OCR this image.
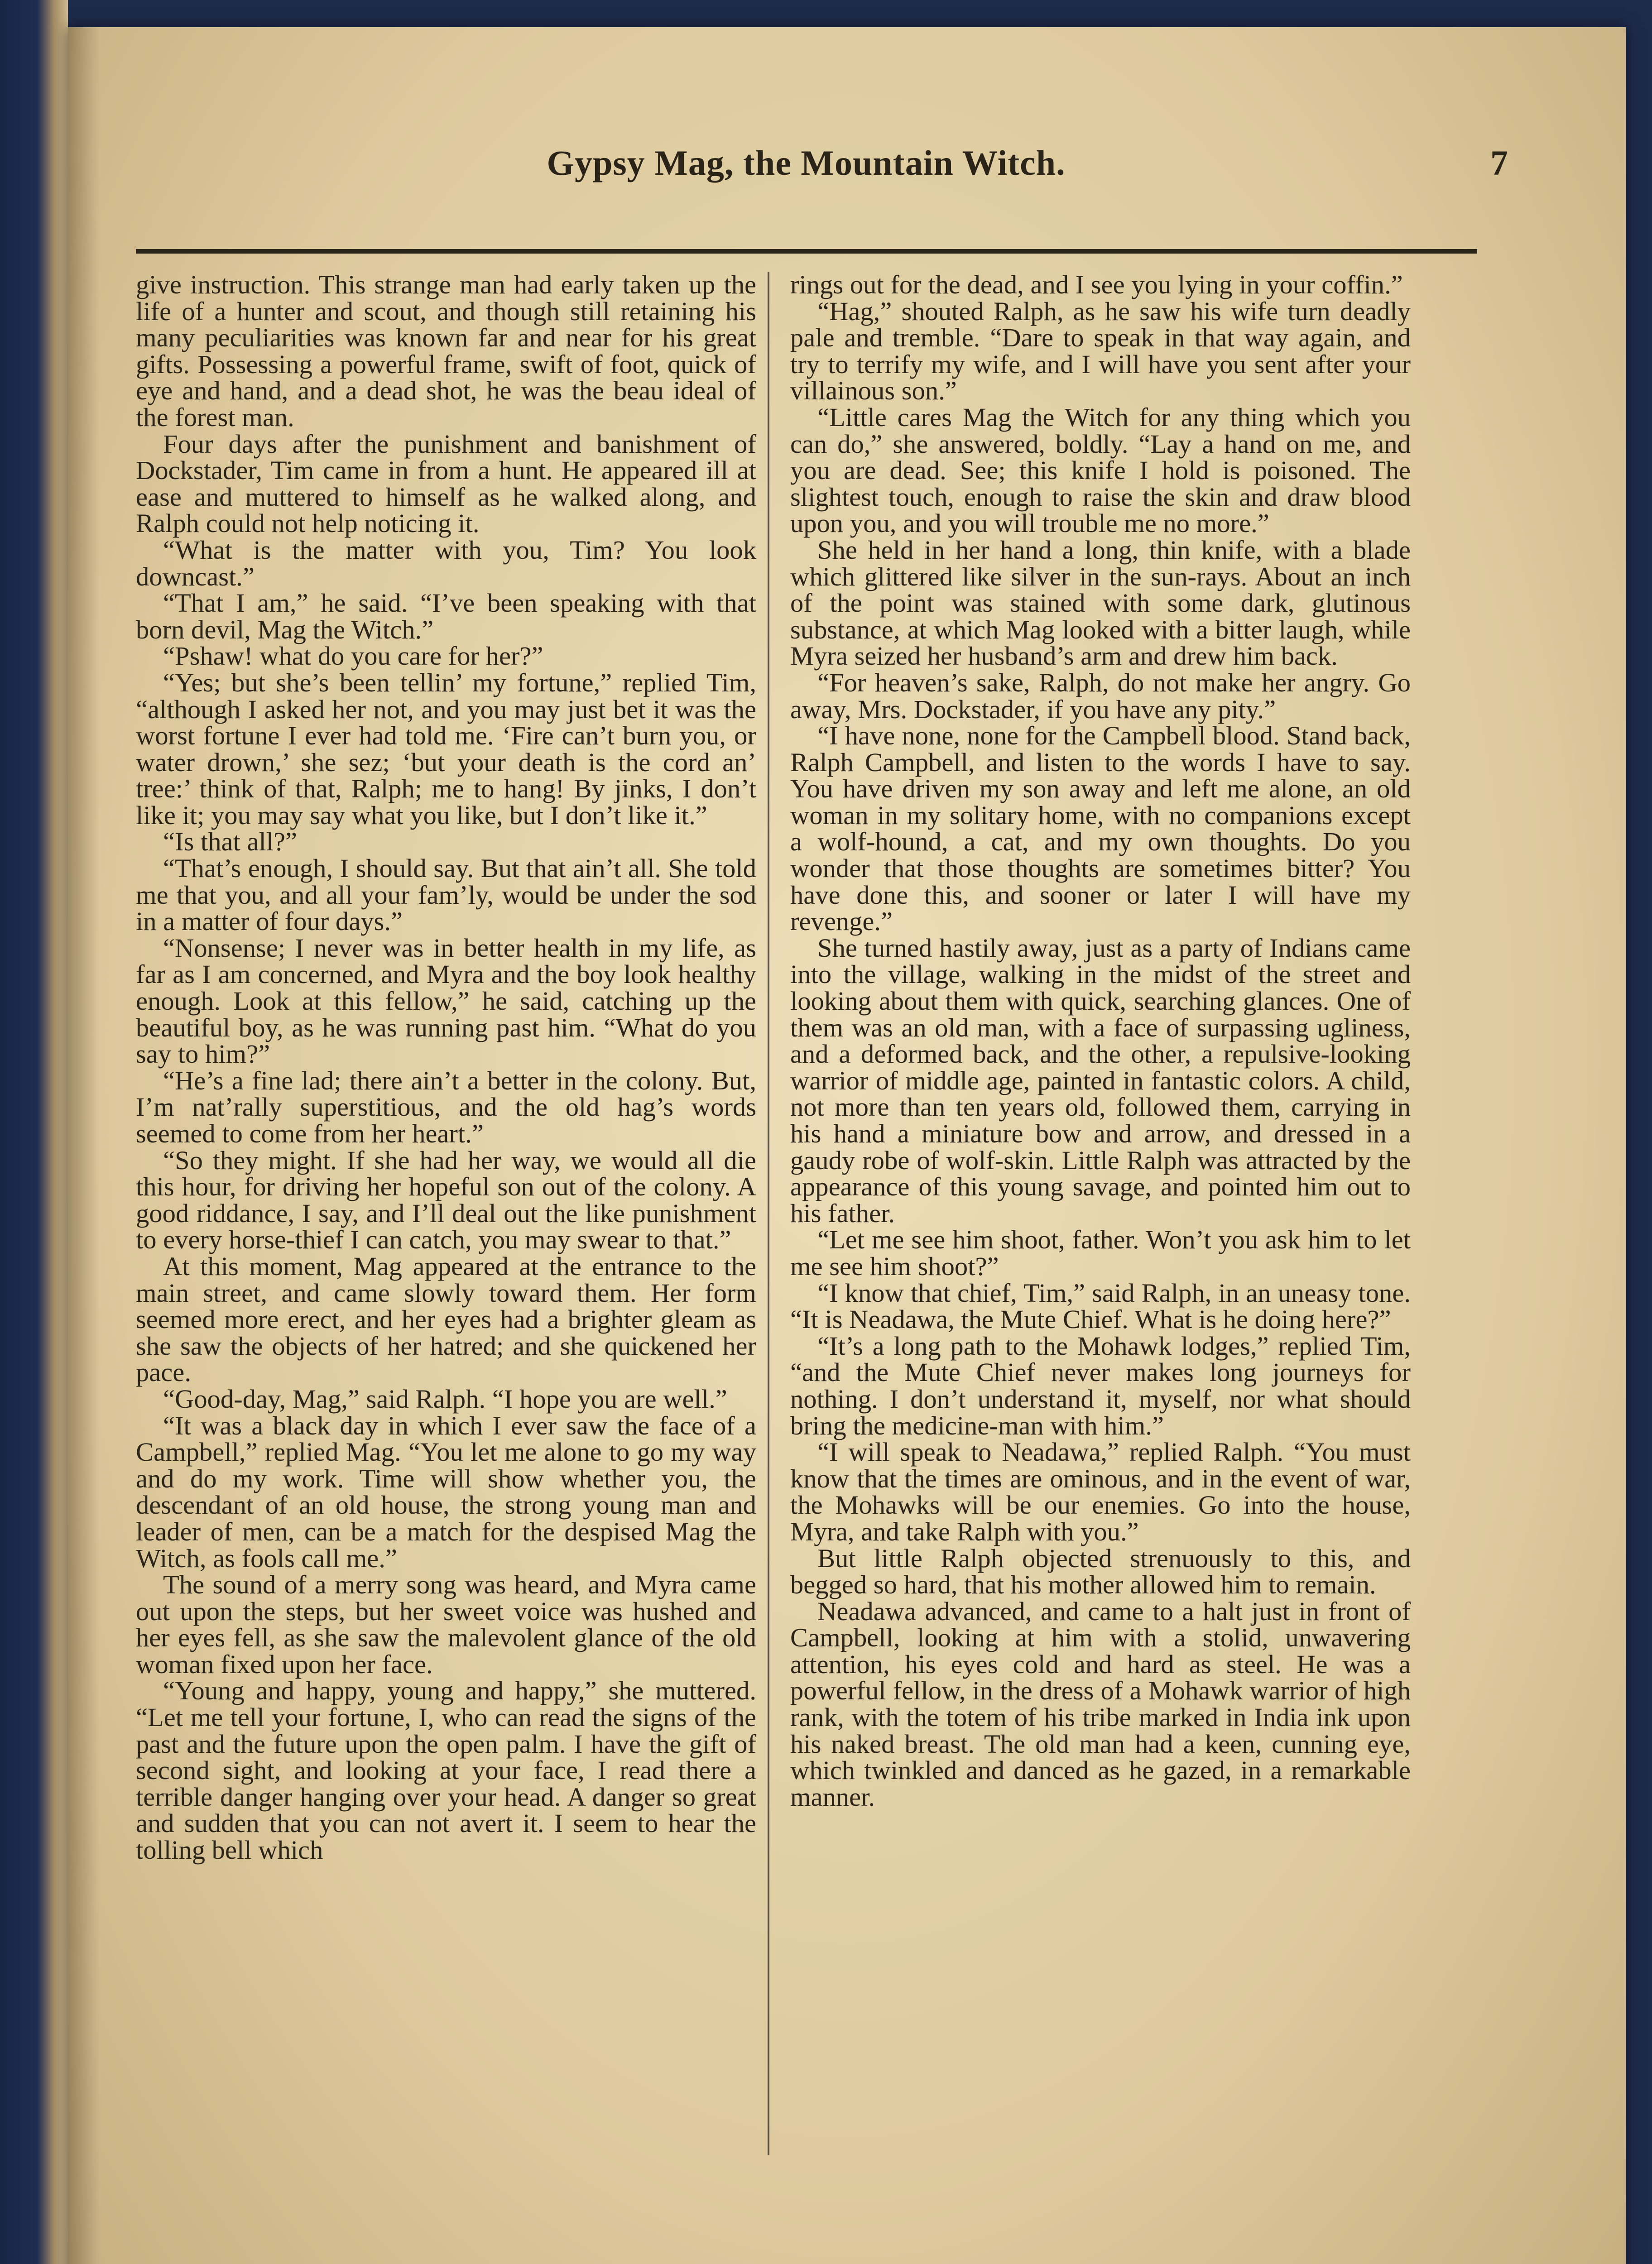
Gypsy Mag, the Mountain Witch.	7

give instruction. This strange man had early taken up the life of a hunter and scout, and though still retaining his many peculiarities was known far and near for his great gifts. Possessing a powerful frame, swift of foot, quick of eye and hand, and a dead shot, he was the beau ideal of the forest man.

Four days after the punishment and banishment of Dockstader, Tim came in from a hunt. He appeared ill at ease and muttered to himself as he walked along, and Ralph could not help noticing it.

“What is the matter with you, Tim? You look downcast.”

“That I am,” he said. “I’ve been speaking with that born devil, Mag the Witch.”

“Pshaw! what do you care for her?”

“Yes; but she’s been tellin’ my fortune,” replied Tim, “although I asked her not, and you may just bet it was the worst fortune I ever had told me. ‘Fire can’t burn you, or water drown,’ she sez; ‘but your death is the cord an’ tree:’ think of that, Ralph; me to hang! By jinks, I don’t like it; you may say what you like, but I don’t like it.”

“Is that all?”

“That’s enough, I should say. But that ain’t all. She told me that you, and all your fam’ly, would be under the sod in a matter of four days.”

“Nonsense; I never was in better health in my life, as far as I am concerned, and Myra and the boy look healthy enough. Look at this fellow,” he said, catching up the beautiful boy, as he was running past him. “What do you say to him?”

“He’s a fine lad; there ain’t a better in the colony. But, I’m nat’rally superstitious, and the old hag’s words seemed to come from her heart.”

“So they might. If she had her way, we would all die this hour, for driving her hopeful son out of the colony. A good riddance, I say, and I’ll deal out the like punishment to every horse-thief I can catch, you may swear to that.”

At this moment, Mag appeared at the entrance to the main street, and came slowly toward them. Her form seemed more erect, and her eyes had a brighter gleam as she saw the objects of her hatred; and she quickened her pace.

“Good-day, Mag,” said Ralph. “I hope you are well.”

“It was a black day in which I ever saw the face of a Campbell,” replied Mag. “You let me alone to go my way and do my work. Time will show whether you, the descendant of an old house, the strong young man and leader of men, can be a match for the despised Mag the Witch, as fools call me.”

The sound of a merry song was heard, and Myra came out upon the steps, but her sweet voice was hushed and her eyes fell, as she saw the malevolent glance of the old woman fixed upon her face.

“Young and happy, young and happy,” she muttered. “Let me tell your fortune, I, who can read the signs of the past and the future upon the open palm. I have the gift of second sight, and looking at your face, I read there a terrible danger hanging over your head. A danger so great and sudden that you can not avert it. I seem to hear the tolling bell which

rings out for the dead, and I see you lying in your coffin.”

“Hag,” shouted Ralph, as he saw his wife turn deadly pale and tremble. “Dare to speak in that way again, and try to terrify my wife, and I will have you sent after your villainous son.”

“Little cares Mag the Witch for any thing which you can do,” she answered, boldly. “Lay a hand on me, and you are dead. See; this knife I hold is poisoned. The slightest touch, enough to raise the skin and draw blood upon you, and you will trouble me no more.”

She held in her hand a long, thin knife, with a blade which glittered like silver in the sun-rays. About an inch of the point was stained with some dark, glutinous substance, at which Mag looked with a bitter laugh, while Myra seized her husband’s arm and drew him back.

“For heaven’s sake, Ralph, do not make her angry. Go away, Mrs. Dockstader, if you have any pity.”

“I have none, none for the Campbell blood. Stand back, Ralph Campbell, and listen to the words I have to say. You have driven my son away and left me alone, an old woman in my solitary home, with no companions except a wolf-hound, a cat, and my own thoughts. Do you wonder that those thoughts are sometimes bitter? You have done this, and sooner or later I will have my revenge.”

She turned hastily away, just as a party of Indians came into the village, walking in the midst of the street and looking about them with quick, searching glances. One of them was an old man, with a face of surpassing ugliness, and a deformed back, and the other, a repulsive-looking warrior of middle age, painted in fantastic colors. A child, not more than ten years old, followed them, carrying in his hand a miniature bow and arrow, and dressed in a gaudy robe of wolf-skin. Little Ralph was attracted by the appearance of this young savage, and pointed him out to his father.

“Let me see him shoot, father. Won’t you ask him to let me see him shoot?”

“I know that chief, Tim,” said Ralph, in an uneasy tone. “It is Neadawa, the Mute Chief. What is he doing here?”

“It’s a long path to the Mohawk lodges,” replied Tim, “and the Mute Chief never makes long journeys for nothing. I don’t understand it, myself, nor what should bring the medicine-man with him.”

“I will speak to Neadawa,” replied Ralph. “You must know that the times are ominous, and in the event of war, the Mohawks will be our enemies. Go into the house, Myra, and take Ralph with you.”

But little Ralph objected strenuously to this, and begged so hard, that his mother allowed him to remain.

Neadawa advanced, and came to a halt just in front of Campbell, looking at him with a stolid, unwavering attention, his eyes cold and hard as steel. He was a powerful fellow, in the dress of a Mohawk warrior of high rank, with the totem of his tribe marked in India ink upon his naked breast. The old man had a keen, cunning eye, which twinkled and danced as he gazed, in a remarkable manner.
